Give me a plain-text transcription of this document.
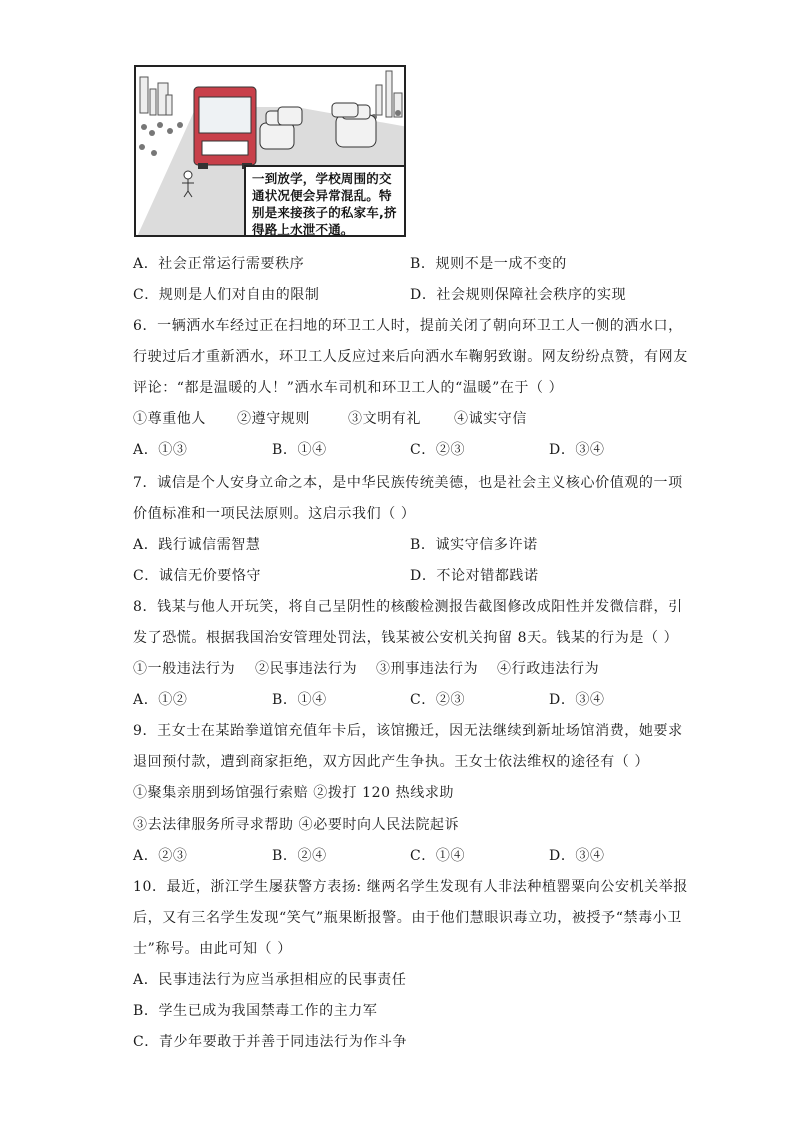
一到放学，学校周围的交
通状况便会异常混乱。特
别是来接孩子的私家车,挤
得路上水泄不通。
A．社会正常运行需要秩序	B．规则不是一成不变的
C．规则是人们对自由的限制	D．社会规则保障社会秩序的实现
6．一辆洒水车经过正在扫地的环卫工人时，提前关闭了朝向环卫工人一侧的洒水口，
行驶过后才重新洒水，环卫工人反应过来后向洒水车鞠躬致谢。网友纷纷点赞，有网友
评论：“都是温暖的人！”洒水车司机和环卫工人的“温暖”在于（ ）
①尊重他人 ②遵守规则	③文明有礼 ④诚实守信
A．①③	B．①④	C．②③	D．③④
7．诚信是个人安身立命之本，是中华民族传统美德，也是社会主义核心价值观的一项
价值标准和一项民法原则。这启示我们（ ）
A．践行诚信需智慧	B．诚实守信多许诺
C．诚信无价要恪守	D．不论对错都践诺
8．钱某与他人开玩笑，将自己呈阴性的核酸检测报告截图修改成阳性并发微信群，引
发了恐慌。根据我国治安管理处罚法，钱某被公安机关拘留 8天。钱某的行为是（ ）
①一般违法行为 ②民事违法行为 ③刑事违法行为 ④行政违法行为
A．①②	B．①④	C．②③	D．③④
9．王女士在某跆拳道馆充值年卡后，该馆搬迁，因无法继续到新址场馆消费，她要求
退回预付款，遭到商家拒绝，双方因此产生争执。王女士依法维权的途径有（ ）
①聚集亲朋到场馆强行索赔 ②拨打 120 热线求助
③去法律服务所寻求帮助 ④必要时向人民法院起诉
A．②③	B．②④	C．①④	D．③④
10．最近，浙江学生屡获警方表扬: 继两名学生发现有人非法种植罂粟向公安机关举报
后，又有三名学生发现“笑气”瓶果断报警。由于他们慧眼识毒立功，被授予“禁毒小卫
士”称号。由此可知（ ）
A．民事违法行为应当承担相应的民事责任
B．学生已成为我国禁毒工作的主力军
C．青少年要敢于并善于同违法行为作斗争
